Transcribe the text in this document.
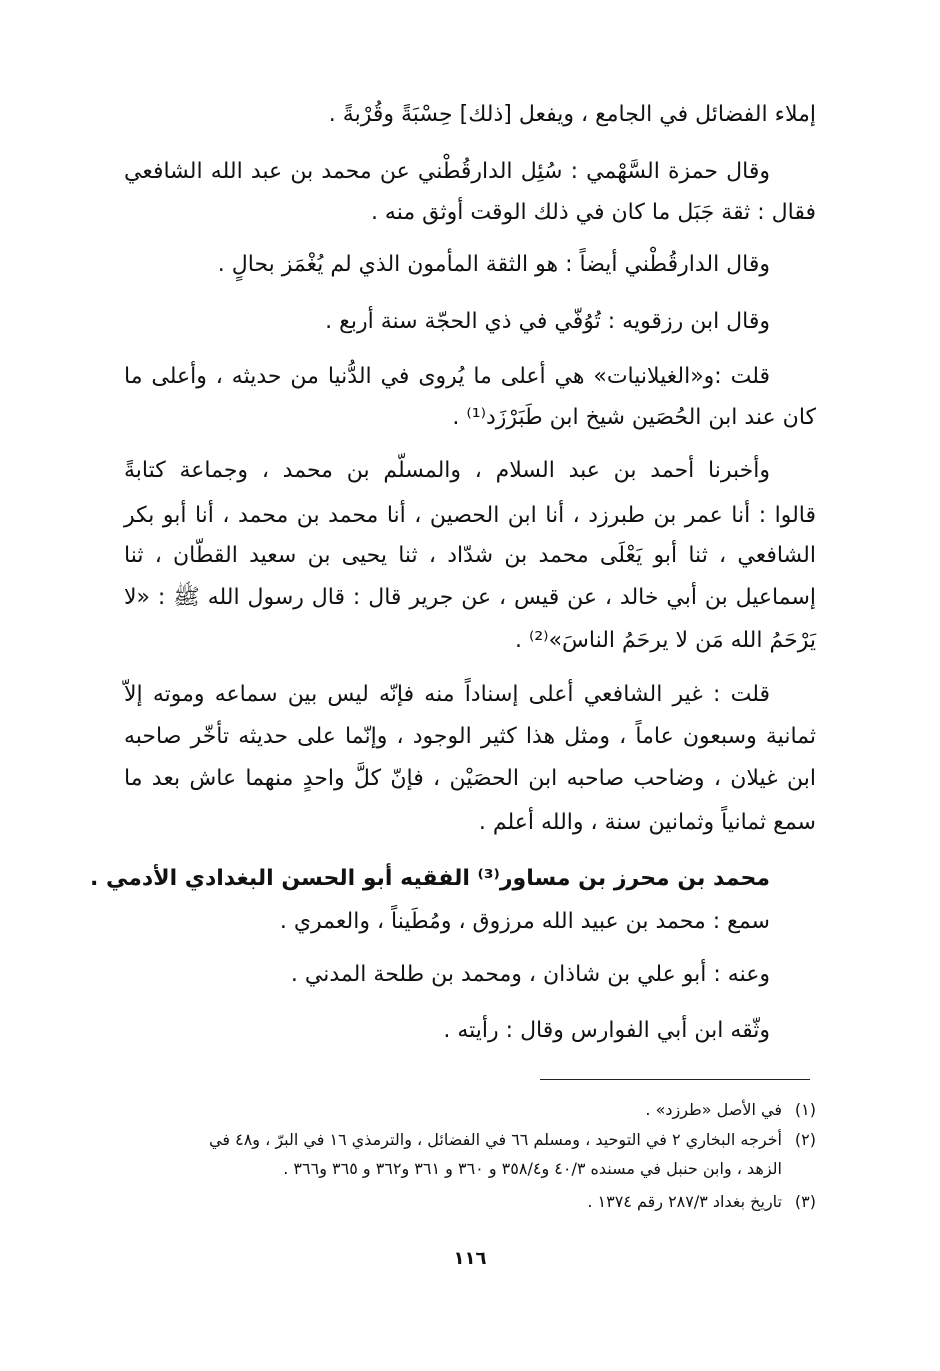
إملاء الفضائل في الجامع ، ويفعل [ذلك] حِسْبَةً وقُرْبةً .
وقال حمزة السَّهْمي : سُئِل الدارقُطْني عن محمد بن عبد الله الشافعي
فقال : ثقة جَبَل ما كان في ذلك الوقت أوثق منه .
وقال الدارقُطْني أيضاً : هو الثقة المأمون الذي لم يُغْمَز بحالٍ .
وقال ابن رزقويه : تُوُفّي في ذي الحجّة سنة أربع .
قلت :و«الغيلانيات» هي أعلى ما يُروى في الدُّنيا من حديثه ، وأعلى ما
كان عند ابن الحُصَين شيخ ابن طَبَرْزَد⁽¹⁾ .
وأخبرنا أحمد بن عبد السلام ، والمسلّم بن محمد ، وجماعة كتابةً
قالوا : أنا عمر بن طبرزد ، أنا ابن الحصين ، أنا محمد بن محمد ، أنا أبو بكر
الشافعي ، ثنا أبو يَعْلَى محمد بن شدّاد ، ثنا يحيى بن سعيد القطّان ، ثنا
إسماعيل بن أبي خالد ، عن قيس ، عن جرير قال : قال رسول الله ﷺ : «لا
يَرْحَمُ الله مَن لا يرحَمُ الناسَ»⁽²⁾ .
قلت : غير الشافعي أعلى إسناداً منه فإنّه ليس بين سماعه وموته إلاّ
ثمانية وسبعون عاماً ، ومثل هذا كثير الوجود ، وإنّما على حديثه تأخّر صاحبه
ابن غيلان ، وضاحب صاحبه ابن الحصَيْن ، فإنّ كلَّ واحدٍ منهما عاش بعد ما
سمع ثمانياً وثمانين سنة ، والله أعلم .
محمد بن محرز بن مساور⁽³⁾ الفقيه أبو الحسن البغدادي الأدمي .
سمع : محمد بن عبيد الله مرزوق ، ومُطَيناً ، والعمري .
وعنه : أبو علي بن شاذان ، ومحمد بن طلحة المدني .
وثّقه ابن أبي الفوارس وقال : رأيته .
(١)في الأصل «طرزد» .
(٢)أخرجه البخاري ٢ في التوحيد ، ومسلم ٦٦ في الفضائل ، والترمذي ١٦ في البرّ ، و٤٨ في
الزهد ، وابن حنبل في مسنده ٤٠/٣ و٣٥٨/٤ و ٣٦٠ و ٣٦١ و٣٦٢ و ٣٦٥ و٣٦٦ .
(٣)تاريخ بغداد ٢٨٧/٣ رقم ١٣٧٤ .
١١٦
